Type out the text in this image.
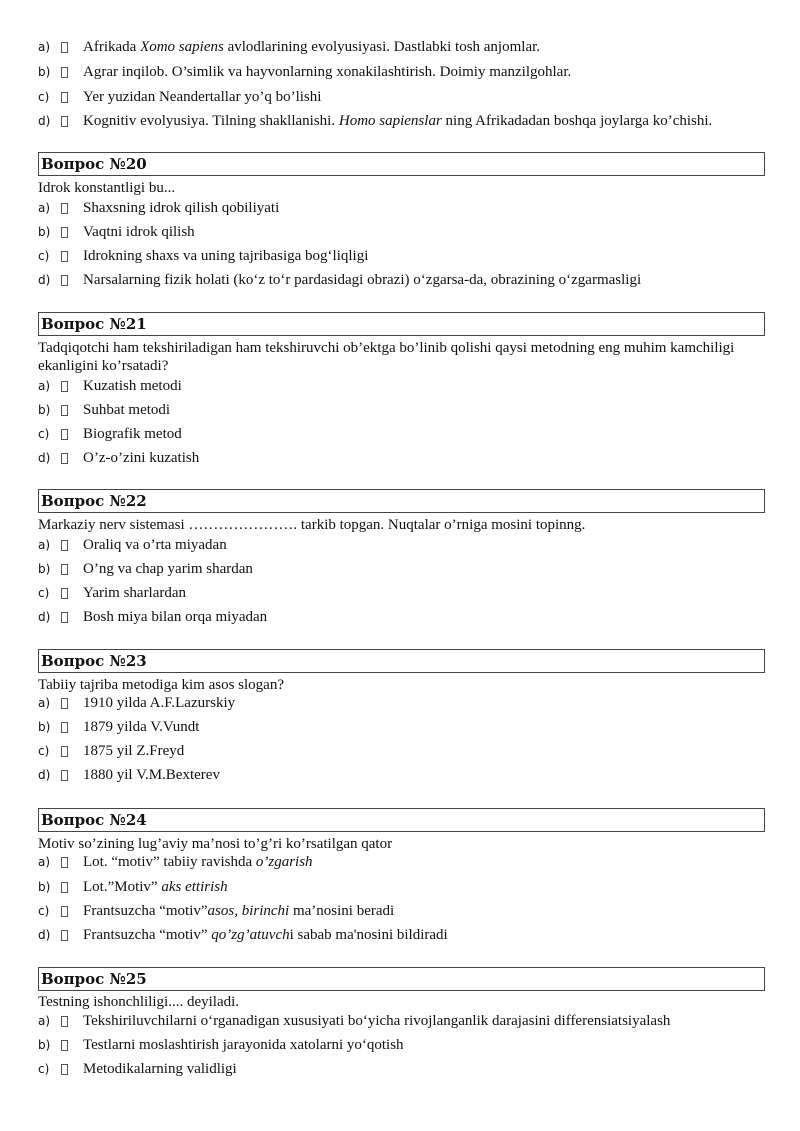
a)	Afrikada Xomo sapiens avlodlarining evolyusiyasi. Dastlabki tosh anjomlar.
b)	Agrar inqilob. O’simlik va hayvonlarning xonakilashtirish. Doimiy manzilgohlar.
c)	Yer yuzidan Neandertallar yo’q bo’lishi
d)	Kognitiv evolyusiya. Tilning shakllanishi. Homo sapienslar ning Afrikadadan boshqa joylarga ko’chishi.
Вопрос №20
Idrok konstantligi bu...
a)	Shaxsning idrok qilish qobiliyati
b)	Vaqtni idrok qilish
c)	Idrokning shaxs va uning tajribasiga bog‘liqligi
d)	Narsalarning fizik holati (ko‘z to‘r pardasidagi obrazi) o‘zgarsa-da, obrazining o‘zgarmasligi
Вопрос №21
Tadqiqotchi ham tekshiriladigan ham tekshiruvchi ob’ektga bo’linib qolishi qaysi metodning eng muhim kamchiligi ekanligini ko’rsatadi?
a)	Kuzatish metodi
b)	Suhbat metodi
c)	Biografik metod
d)	O’z-o’zini kuzatish
Вопрос №22
Markaziy nerv sistemasi …………………. tarkib topgan. Nuqtalar o’rniga mosini topinng.
a)	Oraliq va o’rta miyadan
b)	O’ng va chap yarim shardan
c)	Yarim sharlardan
d)	Bosh miya bilan orqa miyadan
Вопрос №23
Tabiiy tajriba metodiga kim asos slogan?
a)	1910 yilda A.F.Lazurskiy
b)	1879 yilda V.Vundt
c)	1875 yil Z.Freyd
d)	1880 yil V.M.Bexterev
Вопрос №24
Motiv so’zining lug’aviy ma’nosi to’g’ri ko’rsatilgan qator
a)	Lot. “motiv” tabiiy ravishda o’zgarish
b)	Lot.”Motiv” aks ettirish
c)	Frantsuzcha “motiv”asos, birinchi ma’nosini beradi
d)	Frantsuzcha “motiv” qo’zg’atuvchi sabab ma'nosini bildiradi
Вопрос №25
Testning ishonchliligi.... deyiladi.
a)	Tekshiriluvchilarni o‘rganadigan xususiyati bo‘yicha rivojlanganlik darajasini differensiatsiyalash
b)	Testlarni moslashtirish jarayonida xatolarni yo‘qotish
c)	Metodikalarning validligi
